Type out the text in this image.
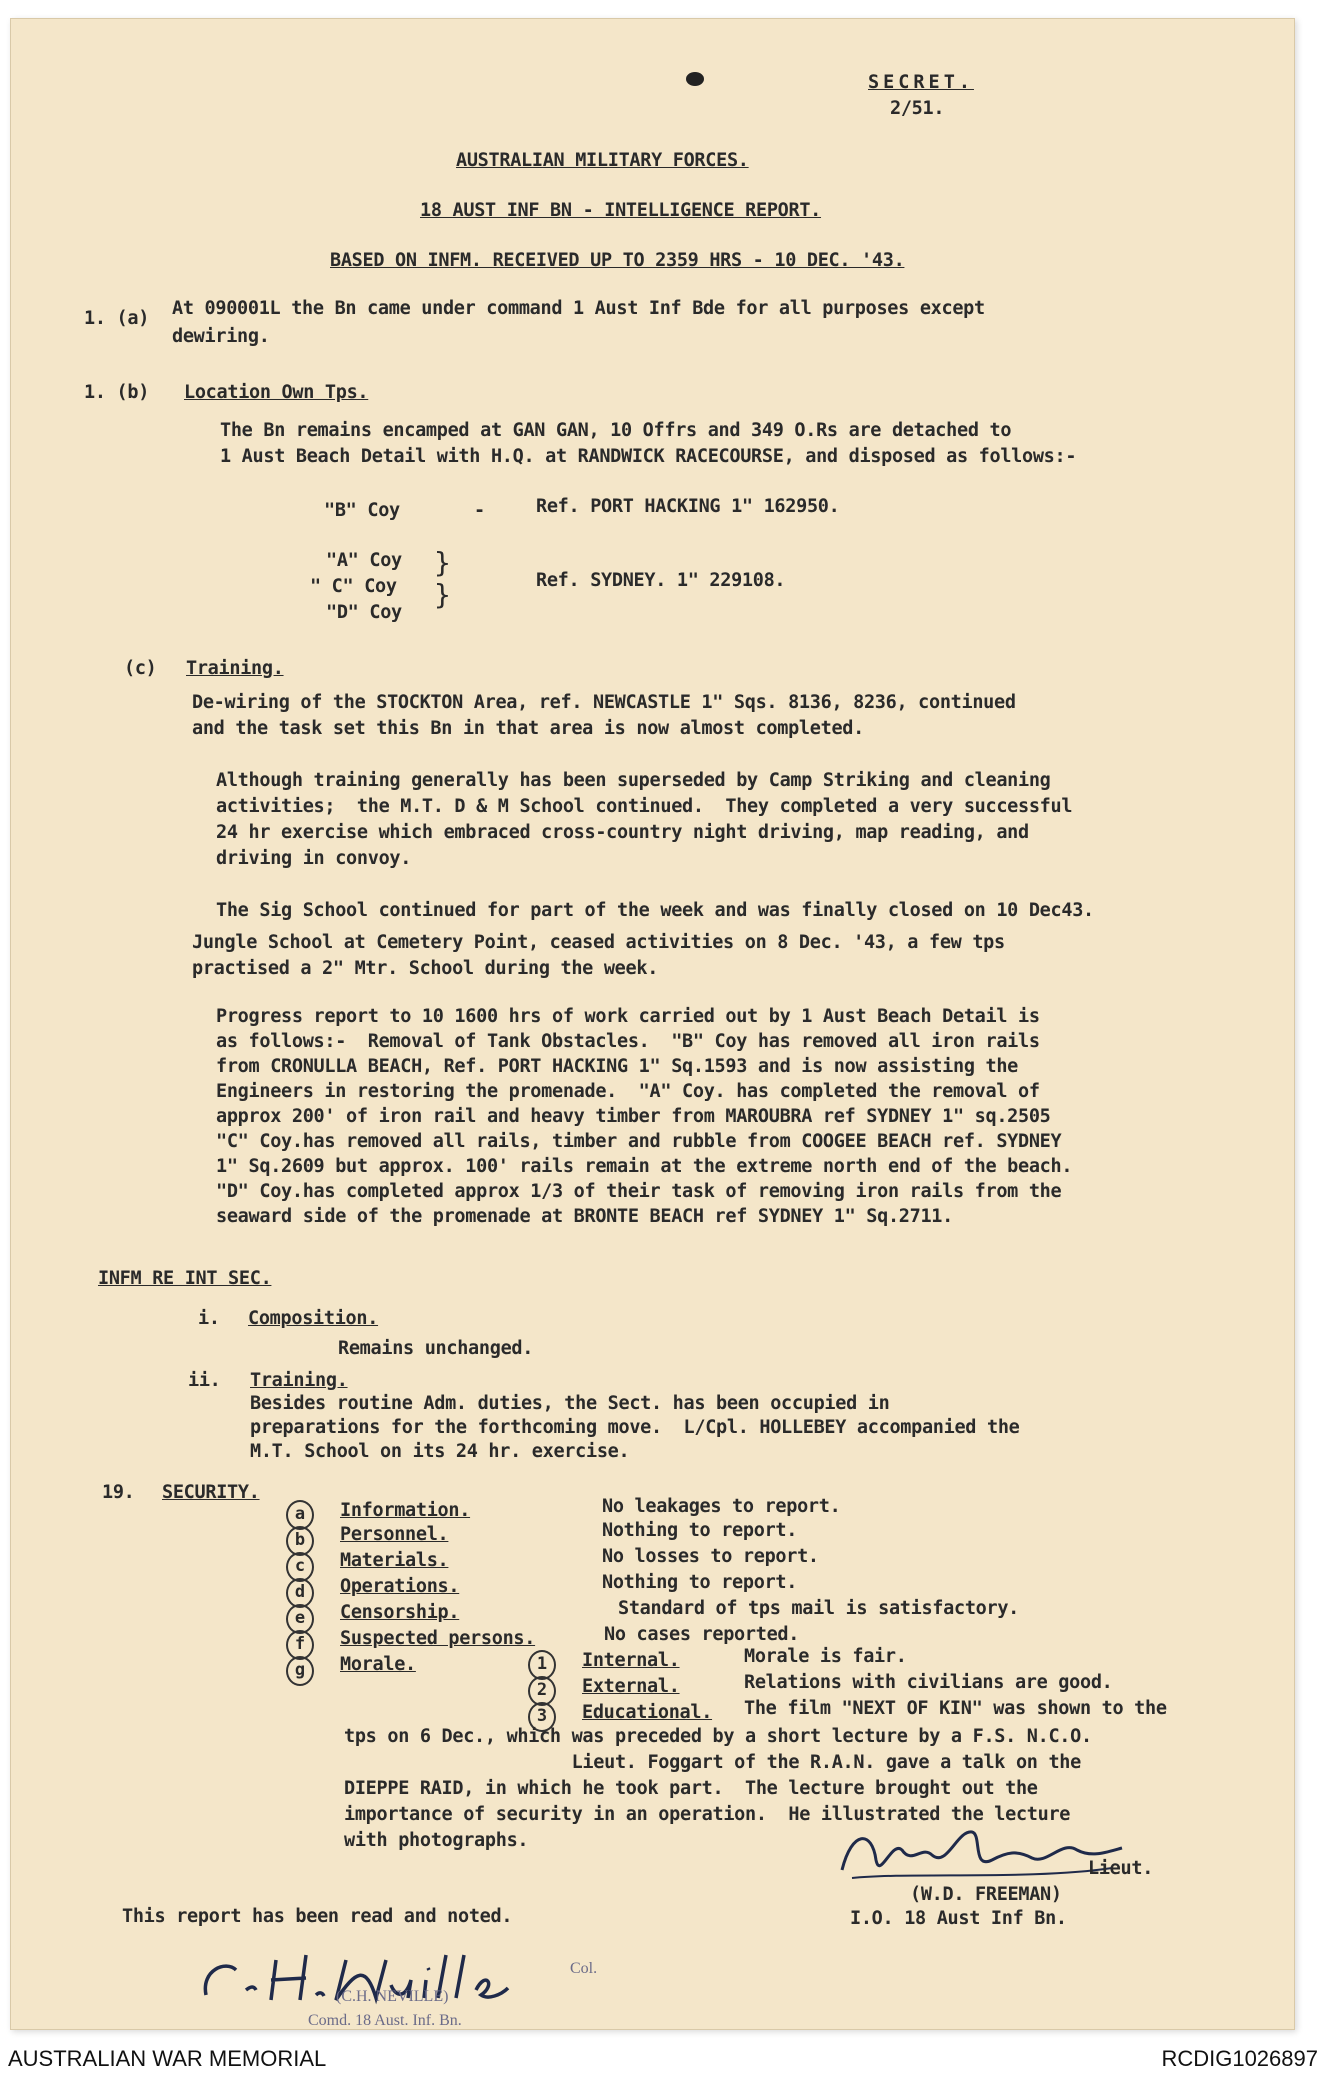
SECRET.
2/51.
AUSTRALIAN MILITARY FORCES.
18 AUST INF BN - INTELLIGENCE REPORT.
BASED ON INFM. RECEIVED UP TO 2359 HRS - 10 DEC. '43.
1. (a) At 090001L the Bn came under command 1 Aust Inf Bde for all purposes except
dewiring.
1. (b) Location Own Tps.
The Bn remains encamped at GAN GAN, 10 Offrs and 349 O.Rs are detached to
1 Aust Beach Detail with H.Q. at RANDWICK RACECOURSE, and disposed as follows:-
"B" Coy	-	Ref. PORT HACKING 1" 162950.
"A" Coy
" C" Coy
"D" Coy
}
}	Ref. SYDNEY. 1" 229108.
(c) Training.
De-wiring of the STOCKTON Area, ref. NEWCASTLE 1" Sqs. 8136, 8236, continued
and the task set this Bn in that area is now almost completed.
Although training generally has been superseded by Camp Striking and cleaning
activities;  the M.T. D & M School continued.  They completed a very successful
24 hr exercise which embraced cross-country night driving, map reading, and
driving in convoy.
The Sig School continued for part of the week and was finally closed on 10 Dec43.
Jungle School at Cemetery Point, ceased activities on 8 Dec. '43, a few tps
practised a 2" Mtr. School during the week.
Progress report to 10 1600 hrs of work carried out by 1 Aust Beach Detail is
as follows:-  Removal of Tank Obstacles.  "B" Coy has removed all iron rails
from CRONULLA BEACH, Ref. PORT HACKING 1" Sq.1593 and is now assisting the
Engineers in restoring the promenade.  "A" Coy. has completed the removal of
approx 200' of iron rail and heavy timber from MAROUBRA ref SYDNEY 1" sq.2505
"C" Coy.has removed all rails, timber and rubble from COOGEE BEACH ref. SYDNEY
1" Sq.2609 but approx. 100' rails remain at the extreme north end of the beach.
"D" Coy.has completed approx 1/3 of their task of removing iron rails from the
seaward side of the promenade at BRONTE BEACH ref SYDNEY 1" Sq.2711.
INFM RE INT SEC.
i. Composition.
Remains unchanged.
ii. Training.
Besides routine Adm. duties, the Sect. has been occupied in
preparations for the forthcoming move.  L/Cpl. HOLLEBEY accompanied the
M.T. School on its 24 hr. exercise.
19. SECURITY.
a	Information.	No leakages to report.
b	Personnel.	Nothing to report.
c	Materials.	No losses to report.
d	Operations.	Nothing to report.
e	Censorship.	Standard of tps mail is satisfactory.
f	Suspected persons.	No cases reported.
g	Morale.	1	Internal.	Morale is fair.
2	External.	Relations with civilians are good.
3	Educational. The film "NEXT OF KIN" was shown to the
tps on 6 Dec., which was preceded by a short lecture by a F.S. N.C.O.
Lieut. Foggart of the R.A.N. gave a talk on the
DIEPPE RAID, in which he took part.  The lecture brought out the
importance of security in an operation.  He illustrated the lecture
with photographs.
Lieut.
(W.D. FREEMAN)
I.O. 18 Aust Inf Bn.
This report has been read and noted.
Col.
(C.H. NEVILLE)
Comd. 18 Aust. Inf. Bn.
AUSTRALIAN WAR MEMORIAL	RCDIG1026897
